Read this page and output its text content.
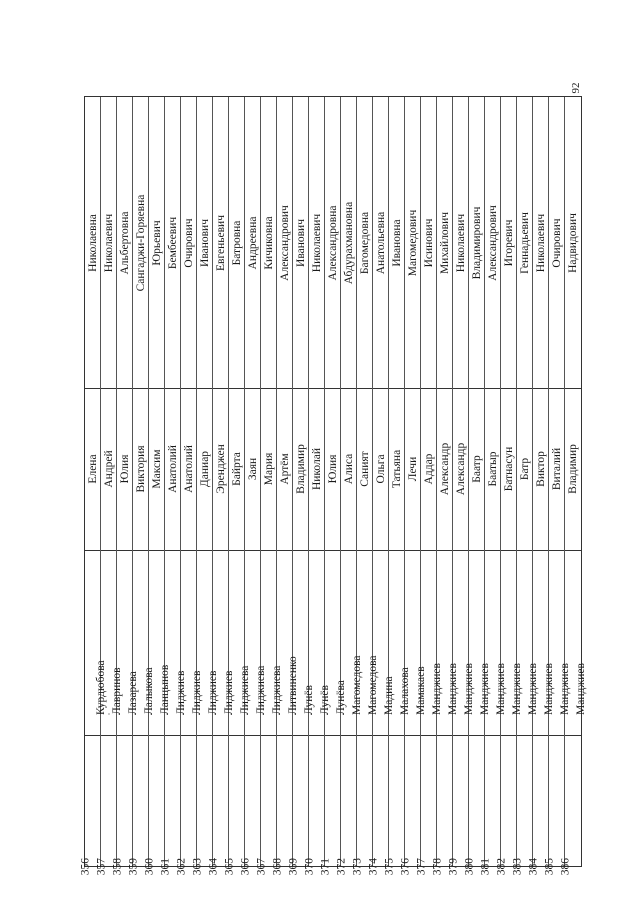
92
356
Курдюбова
Елена
Николаевна
357
Лавринов
Андрей
Николаевич
358
Лазарева
Юлия
Альбертовна
359
Лалыкова
Виктория
Сангаджи-Горяевна
360
Ланцынов
Максим
Юрьевич
361
Лиджиев
Анатолий
Бембеевич
362
Лиджиев
Анатолий
Очирович
363
Лиджиев
Даниар
Иванович
364
Лиджиев
Эренджен
Евгеньевич
365
Лиджиева
Байрта
Батровна
366
Лиджиева
Заян
Андреевна
367
Лиджиева
Мария
Кичиковна
368
Литвиненко
Артём
Александрович
369
Лунёв
Владимир
Иванович
370
Лунёв
Николай
Николаевич
371
Лунёва
Юлия
Александровна
372
Магомедова
Алиса
Абдурахмановна
373
Магомедова
Саният
Багомедовна
374
Мадина
Ольга
Анатольевна
375
Малахова
Татьяна
Ивановна
376
Мамакаев
Лечи
Магомедович
377
Манджиев
Аддар
Исинович
378
Манджиев
Александр
Михайлович
379
Манджиев
Александр
Николаевич
380
Манджиев
Баатр
Владимирович
381
Манджиев
Баатыр
Александрович
382
Манджиев
Батнасун
Игоревич
383
Манджиев
Батр
Геннадьевич
384
Манджиев
Виктор
Николаевич
385
Манджиев
Виталий
Очирович
386
Манджиев
Владимир
Надвидович
